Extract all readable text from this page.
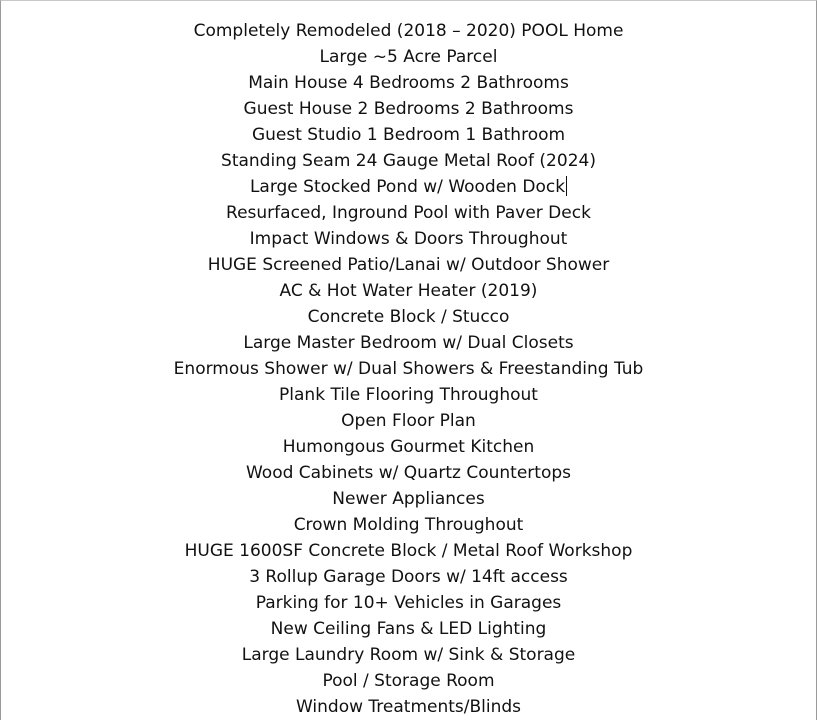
Completely Remodeled (2018 – 2020) POOL Home
Large ~5 Acre Parcel
Main House 4 Bedrooms 2 Bathrooms
Guest House 2 Bedrooms 2 Bathrooms
Guest Studio 1 Bedroom 1 Bathroom
Standing Seam 24 Gauge Metal Roof (2024)
Large Stocked Pond w/ Wooden Dock
Resurfaced, Inground Pool with Paver Deck
Impact Windows & Doors Throughout
HUGE Screened Patio/Lanai w/ Outdoor Shower
AC & Hot Water Heater (2019)
Concrete Block / Stucco
Large Master Bedroom w/ Dual Closets
Enormous Shower w/ Dual Showers & Freestanding Tub
Plank Tile Flooring Throughout
Open Floor Plan
Humongous Gourmet Kitchen
Wood Cabinets w/ Quartz Countertops
Newer Appliances
Crown Molding Throughout
HUGE 1600SF Concrete Block / Metal Roof Workshop
3 Rollup Garage Doors w/ 14ft access
Parking for 10+ Vehicles in Garages
New Ceiling Fans & LED Lighting
Large Laundry Room w/ Sink & Storage
Pool / Storage Room
Window Treatments/Blinds
